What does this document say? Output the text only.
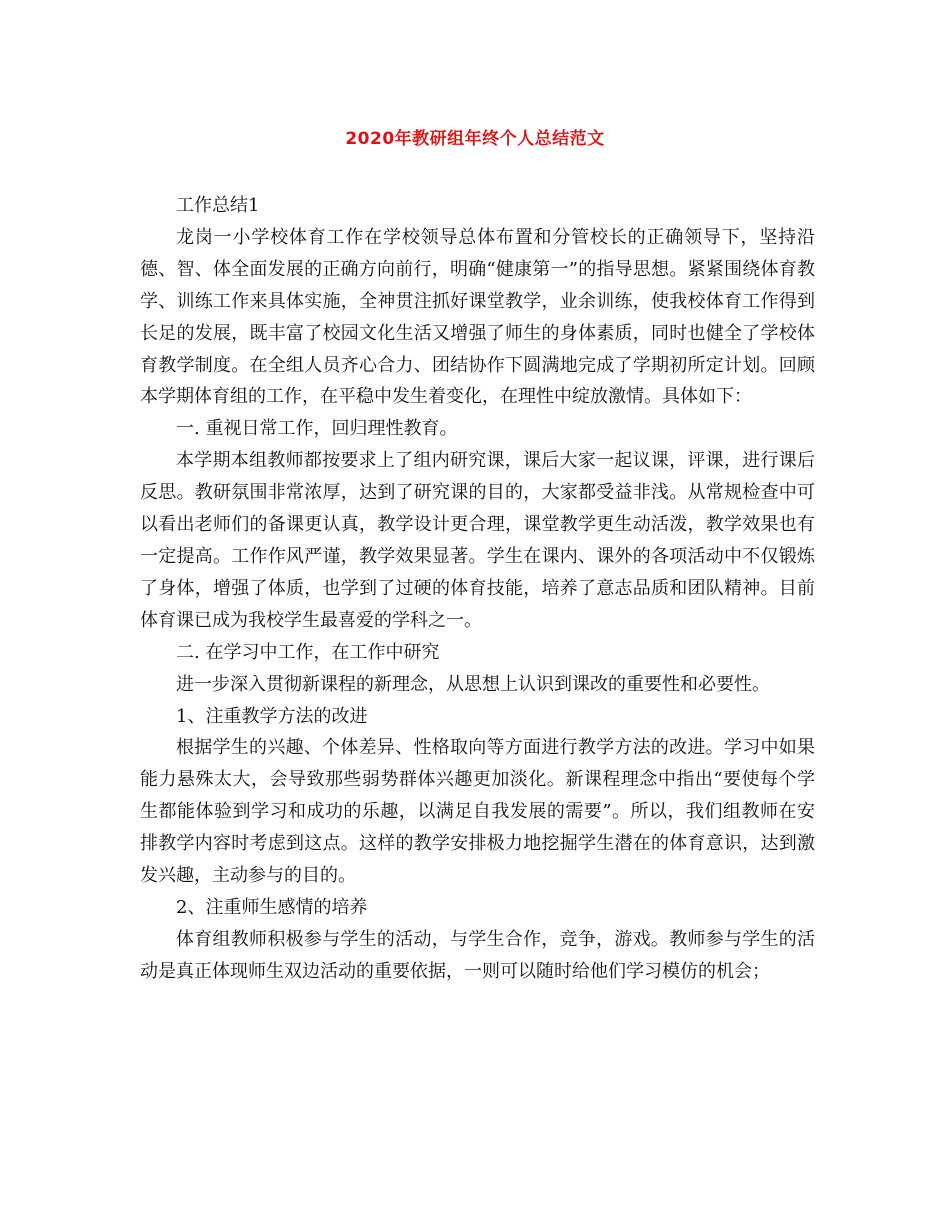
2020年教研组年终个人总结范文

工作总结1

龙岗一小学校体育工作在学校领导总体布置和分管校长的正确领导下，坚持沿德、智、体全面发展的正确方向前行，明确“健康第一”的指导思想。紧紧围绕体育教学、训练工作来具体实施，全神贯注抓好课堂教学，业余训练，使我校体育工作得到长足的发展，既丰富了校园文化生活又增强了师生的身体素质，同时也健全了学校体育教学制度。在全组人员齐心合力、团结协作下圆满地完成了学期初所定计划。回顾本学期体育组的工作，在平稳中发生着变化，在理性中绽放激情。具体如下：

一. 重视日常工作，回归理性教育。

本学期本组教师都按要求上了组内研究课，课后大家一起议课，评课，进行课后反思。教研氛围非常浓厚，达到了研究课的目的，大家都受益非浅。从常规检查中可以看出老师们的备课更认真，教学设计更合理，课堂教学更生动活泼，教学效果也有一定提高。工作作风严谨，教学效果显著。学生在课内、课外的各项活动中不仅锻炼了身体，增强了体质，也学到了过硬的体育技能，培养了意志品质和团队精神。目前体育课已成为我校学生最喜爱的学科之一。

二. 在学习中工作，在工作中研究

进一步深入贯彻新课程的新理念，从思想上认识到课改的重要性和必要性。

1、注重教学方法的改进

根据学生的兴趣、个体差异、性格取向等方面进行教学方法的改进。学习中如果能力悬殊太大，会导致那些弱势群体兴趣更加淡化。新课程理念中指出“要使每个学生都能体验到学习和成功的乐趣，以满足自我发展的需要”。所以，我们组教师在安排教学内容时考虑到这点。这样的教学安排极力地挖掘学生潜在的体育意识，达到激发兴趣，主动参与的目的。

2、注重师生感情的培养

体育组教师积极参与学生的活动，与学生合作，竞争，游戏。教师参与学生的活动是真正体现师生双边活动的重要依据，一则可以随时给他们学习模仿的机会；
